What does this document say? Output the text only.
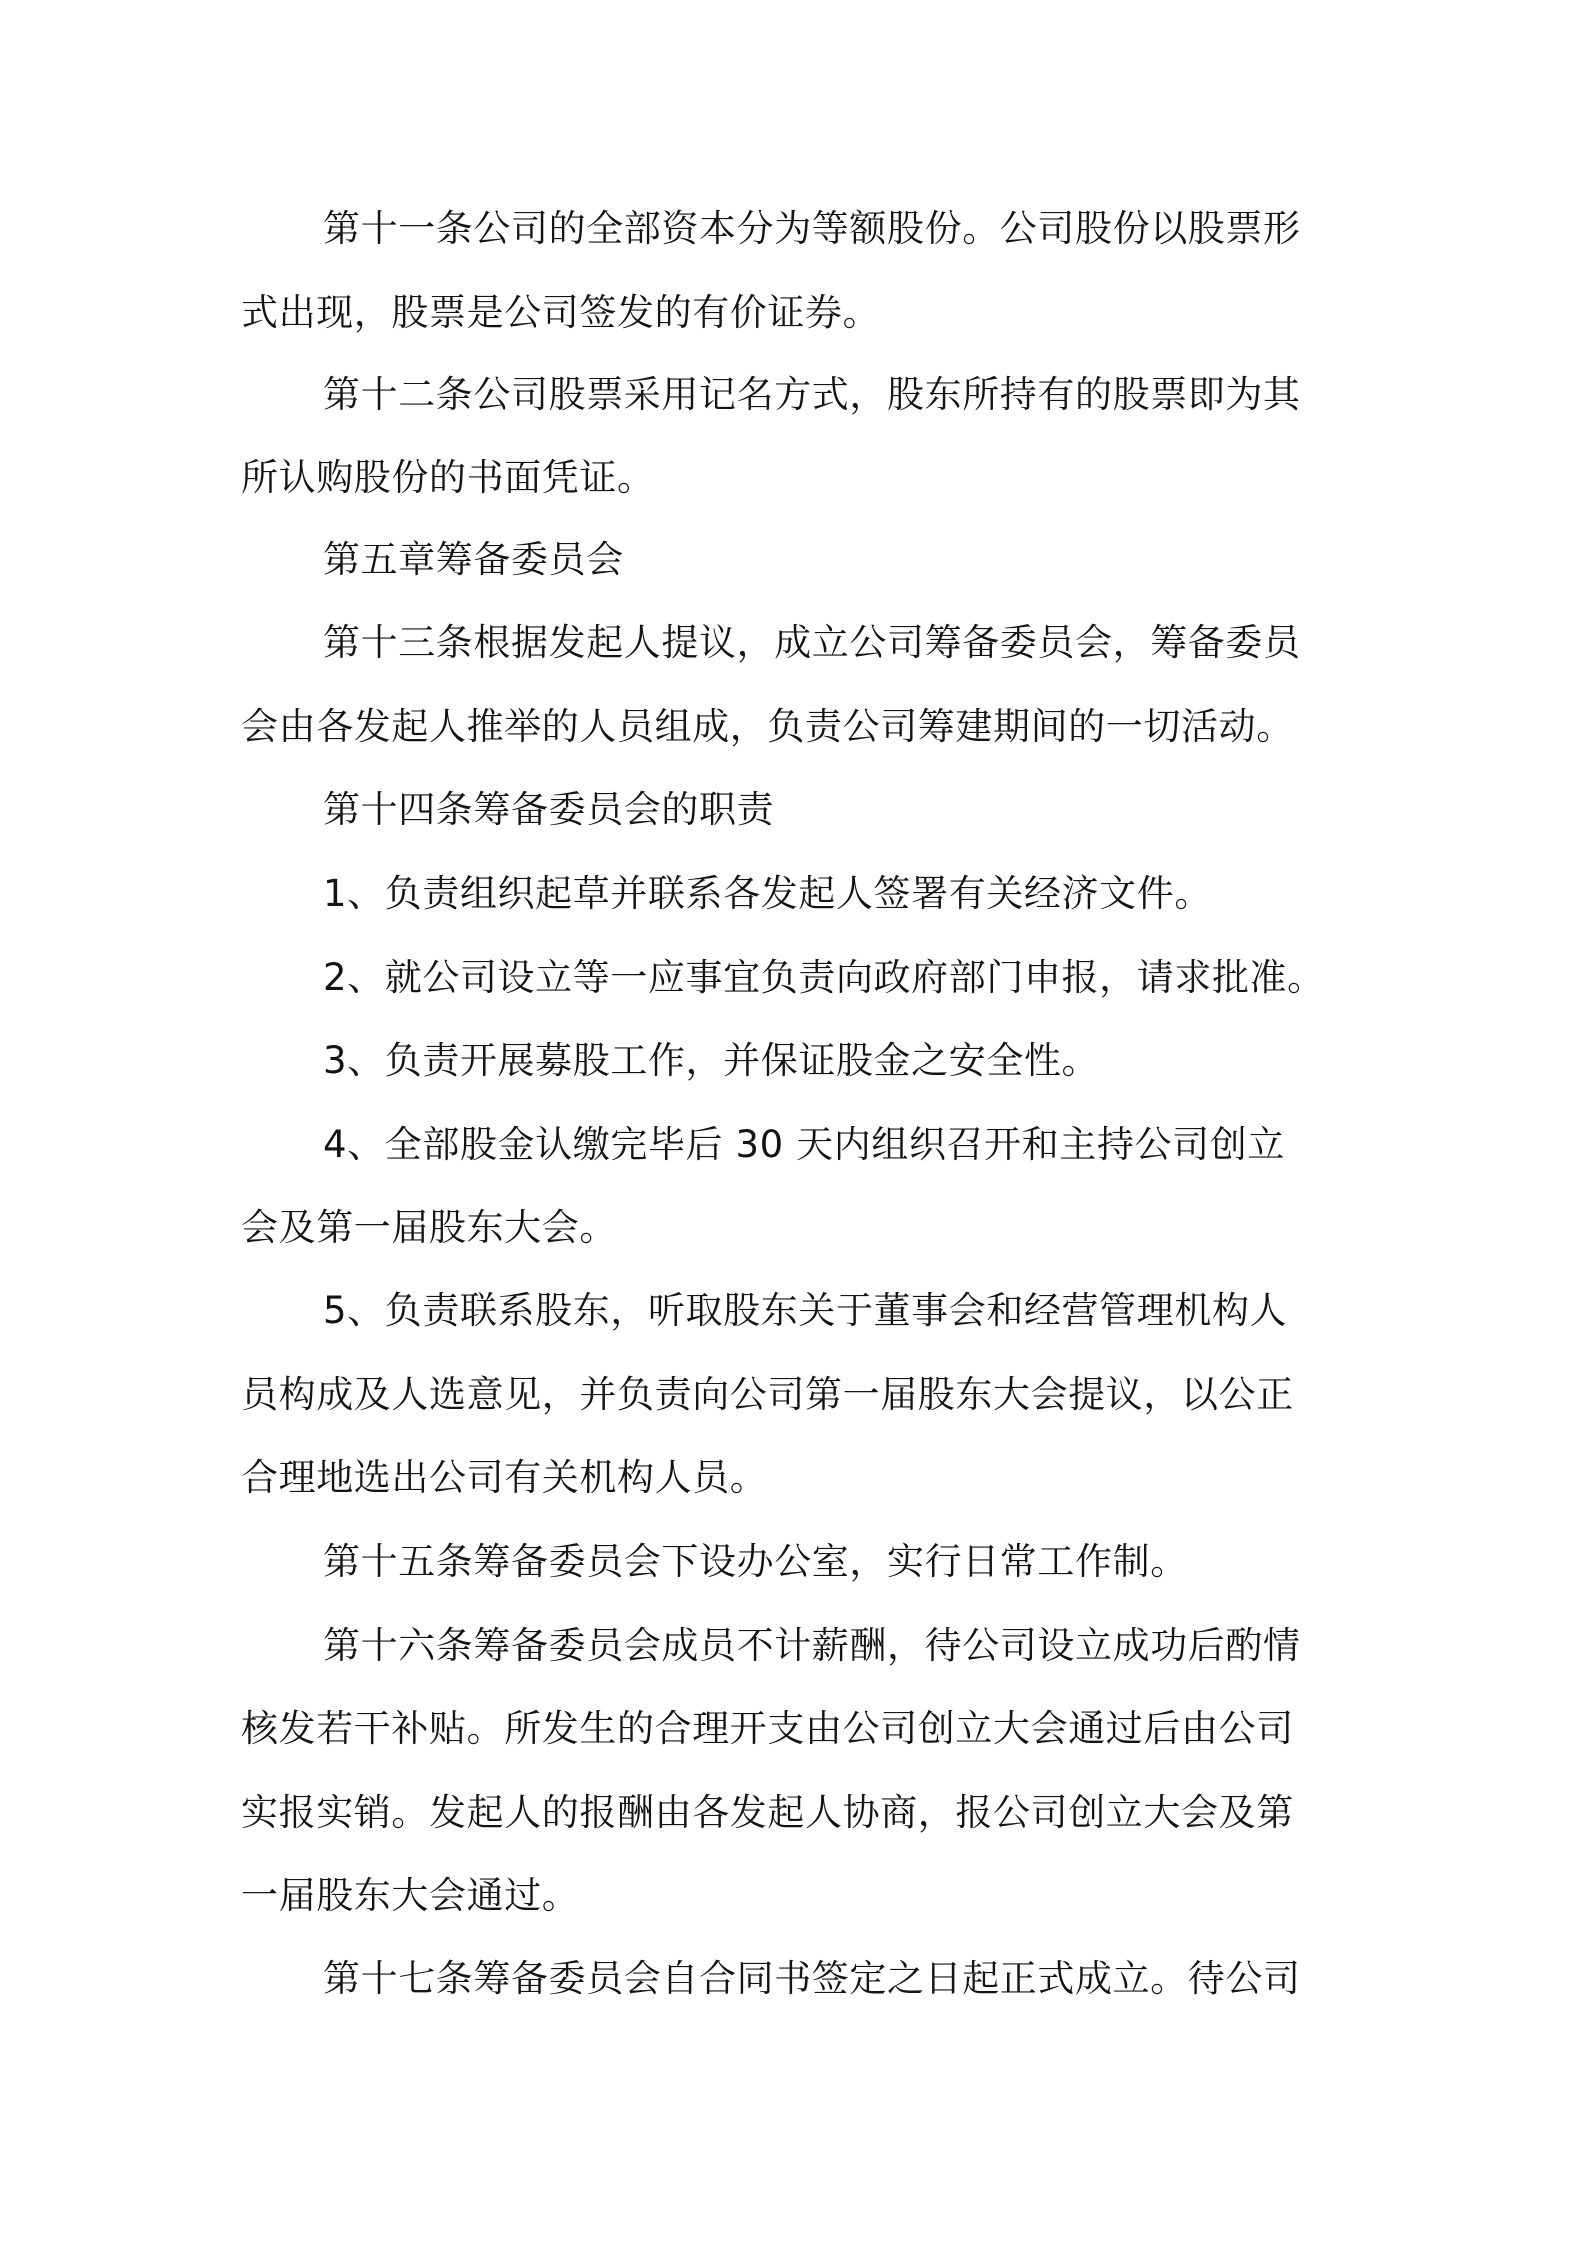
第十一条公司的全部资本分为等额股份。公司股份以股票形

式出现，股票是公司签发的有价证券。

第十二条公司股票采用记名方式，股东所持有的股票即为其

所认购股份的书面凭证。

第五章筹备委员会

第十三条根据发起人提议，成立公司筹备委员会，筹备委员

会由各发起人推举的人员组成，负责公司筹建期间的一切活动。

第十四条筹备委员会的职责

1、负责组织起草并联系各发起人签署有关经济文件。

2、就公司设立等一应事宜负责向政府部门申报，请求批准。

3、负责开展募股工作，并保证股金之安全性。

4、全部股金认缴完毕后 30 天内组织召开和主持公司创立

会及第一届股东大会。

5、负责联系股东，听取股东关于董事会和经营管理机构人

员构成及人选意见，并负责向公司第一届股东大会提议，以公正

合理地选出公司有关机构人员。

第十五条筹备委员会下设办公室，实行日常工作制。

第十六条筹备委员会成员不计薪酬，待公司设立成功后酌情

核发若干补贴。所发生的合理开支由公司创立大会通过后由公司

实报实销。发起人的报酬由各发起人协商，报公司创立大会及第

一届股东大会通过。

第十七条筹备委员会自合同书签定之日起正式成立。待公司
